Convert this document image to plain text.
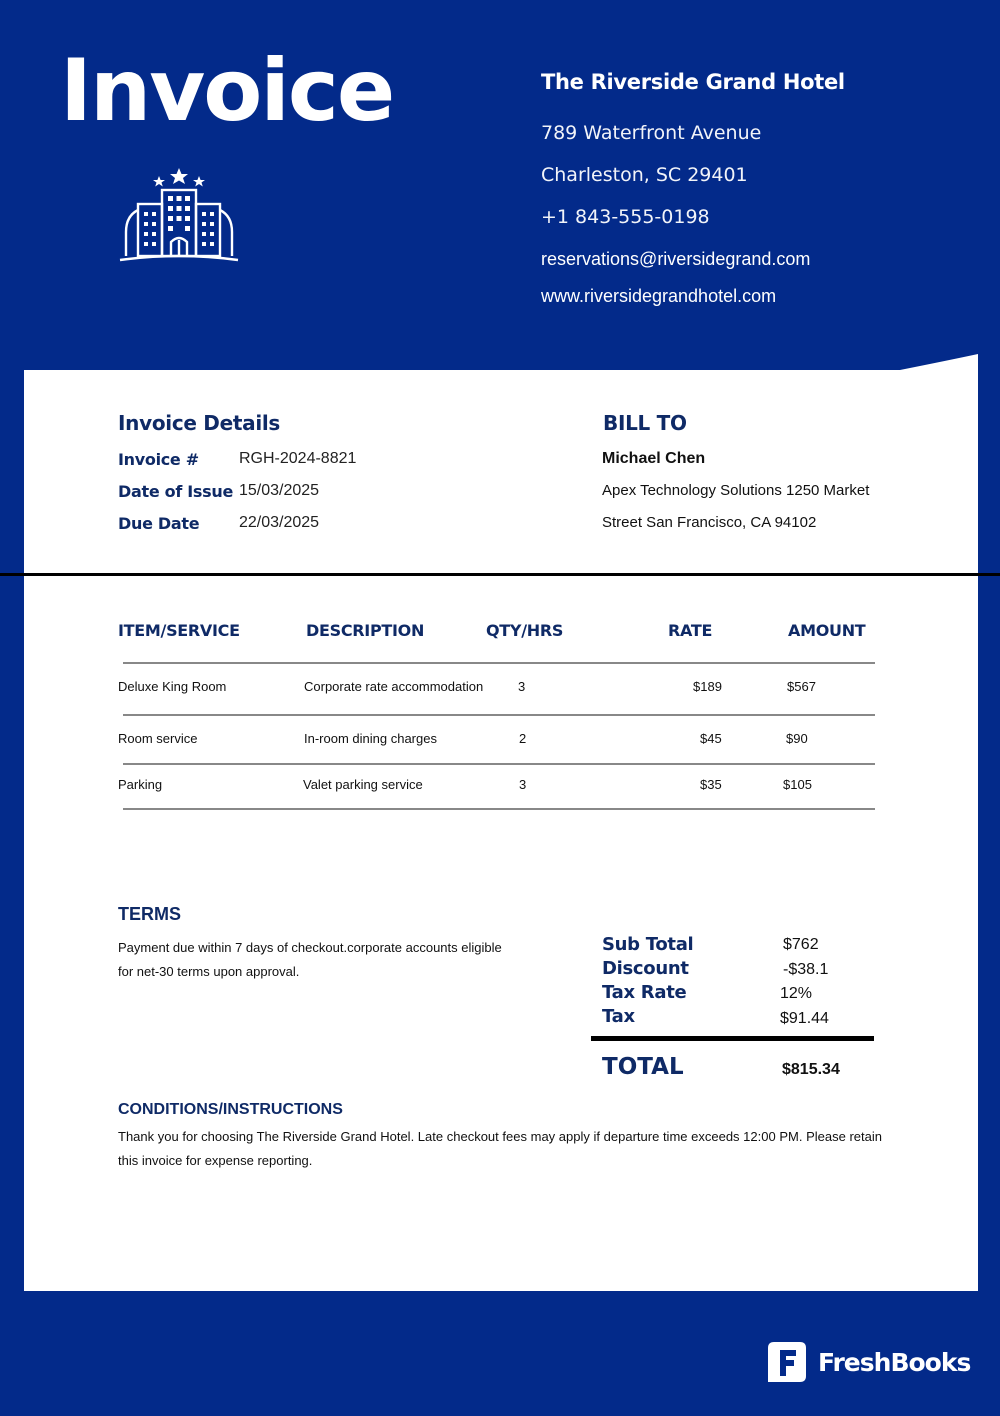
Invoice	The Riverside Grand Hotel
789 Waterfront Avenue
Charleston, SC 29401
+1 843-555-0198
reservations@riversidegrand.com
www.riversidegrandhotel.com
Invoice Details
Invoice #	RGH-2024-8821
Date of Issue 15/03/2025
Due Date 22/03/2025
BILL TO
Michael Chen
Apex Technology Solutions 1250 Market
Street San Francisco, CA 94102
ITEM/SERVICE	DESCRIPTION	QTY/HRS	RATE	AMOUNT
Deluxe King Room	Corporate rate accommodation	3	$189	$567
Room service	In-room dining charges	2	$45	$90
Parking	Valet parking service	3	$35	$105
TERMS
Payment due within 7 days of checkout.corporate accounts eligible for net-30 terms upon approval.
Sub Total	$762
Discount	-$38.1
Tax Rate	12%
Tax	$91.44
TOTAL	$815.34
CONDITIONS/INSTRUCTIONS
Thank you for choosing The Riverside Grand Hotel. Late checkout fees may apply if departure time exceeds 12:00 PM. Please retain this invoice for expense reporting.
FreshBooks
